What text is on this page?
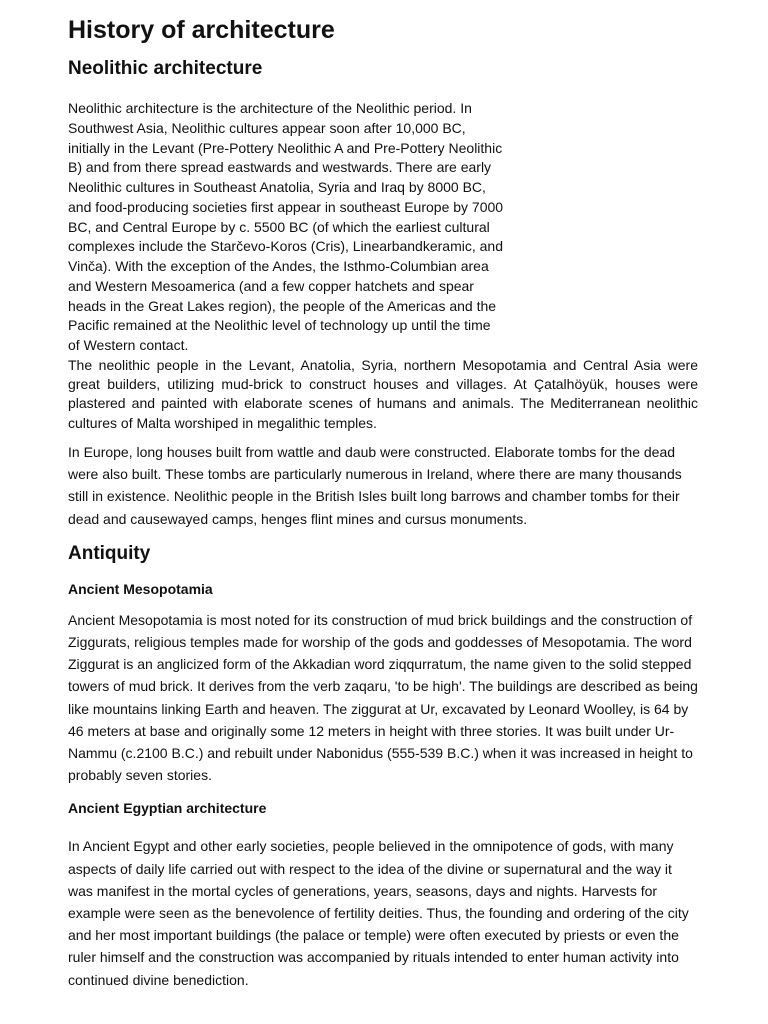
History of architecture
Neolithic architecture

Neolithic architecture is the architecture of the Neolithic period. In Southwest Asia, Neolithic cultures appear soon after 10,000 BC, initially in the Levant (Pre-Pottery Neolithic A and Pre-Pottery Neolithic B) and from there spread eastwards and westwards. There are early Neolithic cultures in Southeast Anatolia, Syria and Iraq by 8000 BC, and food-producing societies first appear in southeast Europe by 7000 BC, and Central Europe by c. 5500 BC (of which the earliest cultural complexes include the Starčevo-Koros (Cris), Linearbandkeramic, and Vinča). With the exception of the Andes, the Isthmo-Columbian area and Western Mesoamerica (and a few copper hatchets and spear heads in the Great Lakes region), the people of the Americas and the Pacific remained at the Neolithic level of technology up until the time of Western contact.

The neolithic people in the Levant, Anatolia, Syria, northern Mesopotamia and Central Asia were great builders, utilizing mud-brick to construct houses and villages. At Çatalhöyük, houses were plastered and painted with elaborate scenes of humans and animals. The Mediterranean neolithic cultures of Malta worshiped in megalithic temples.

In Europe, long houses built from wattle and daub were constructed. Elaborate tombs for the dead were also built. These tombs are particularly numerous in Ireland, where there are many thousands still in existence. Neolithic people in the British Isles built long barrows and chamber tombs for their dead and causewayed camps, henges flint mines and cursus monuments.

Antiquity
Ancient Mesopotamia

Ancient Mesopotamia is most noted for its construction of mud brick buildings and the construction of Ziggurats, religious temples made for worship of the gods and goddesses of Mesopotamia. The word Ziggurat is an anglicized form of the Akkadian word ziqqurratum, the name given to the solid stepped towers of mud brick. It derives from the verb zaqaru, 'to be high'. The buildings are described as being like mountains linking Earth and heaven. The ziggurat at Ur, excavated by Leonard Woolley, is 64 by 46 meters at base and originally some 12 meters in height with three stories. It was built under Ur-Nammu (c.2100 B.C.) and rebuilt under Nabonidus (555-539 B.C.) when it was increased in height to probably seven stories.

Ancient Egyptian architecture

In Ancient Egypt and other early societies, people believed in the omnipotence of gods, with many aspects of daily life carried out with respect to the idea of the divine or supernatural and the way it was manifest in the mortal cycles of generations, years, seasons, days and nights. Harvests for example were seen as the benevolence of fertility deities. Thus, the founding and ordering of the city and her most important buildings (the palace or temple) were often executed by priests or even the ruler himself and the construction was accompanied by rituals intended to enter human activity into continued divine benediction.
